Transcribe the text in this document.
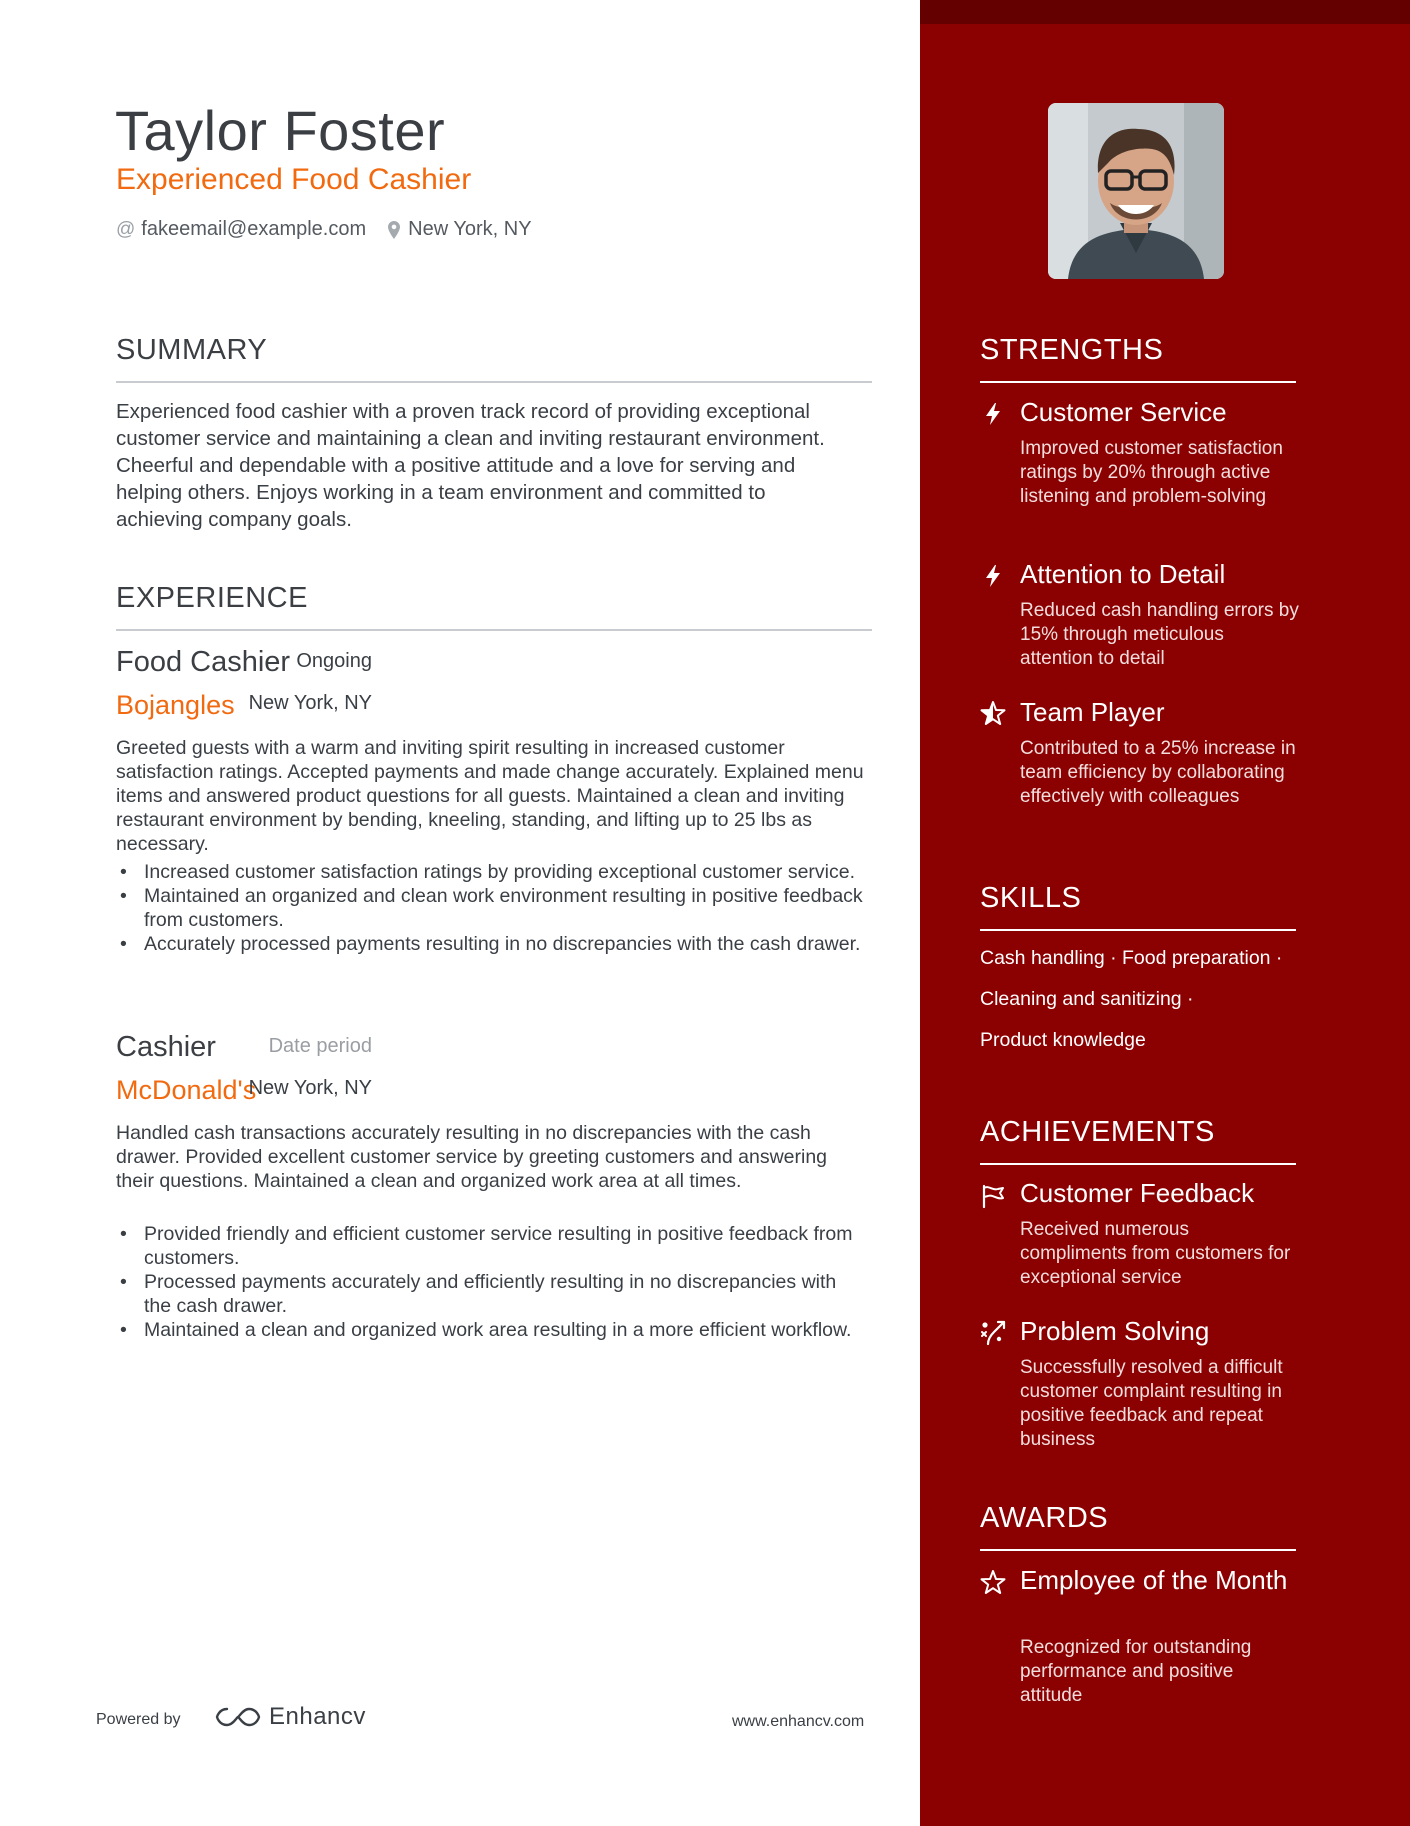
Taylor Foster
Experienced Food Cashier
@ fakeemail@example.com New York, NY
SUMMARY
Experienced food cashier with a proven track record of providing exceptional customer service and maintaining a clean and inviting restaurant environment. Cheerful and dependable with a positive attitude and a love for serving and helping others. Enjoys working in a team environment and committed to achieving company goals.
EXPERIENCE
Food Cashier Ongoing
Bojangles New York, NY
Greeted guests with a warm and inviting spirit resulting in increased customer satisfaction ratings. Accepted payments and made change accurately. Explained menu items and answered product questions for all guests. Maintained a clean and inviting restaurant environment by bending, kneeling, standing, and lifting up to 25 lbs as necessary.
• Increased customer satisfaction ratings by providing exceptional customer service.
• Maintained an organized and clean work environment resulting in positive feedback from customers.
• Accurately processed payments resulting in no discrepancies with the cash drawer.
Cashier	Date period
McDonald's
New York, NY
Handled cash transactions accurately resulting in no discrepancies with the cash drawer. Provided excellent customer service by greeting customers and answering their questions. Maintained a clean and organized work area at all times.
• Provided friendly and efficient customer service resulting in positive feedback from customers.
• Processed payments accurately and efficiently resulting in no discrepancies with the cash drawer.
• Maintained a clean and organized work area resulting in a more efficient workflow.
Powered by	Enhancv	www.enhancv.com
STRENGTHS
Customer Service
Improved customer satisfaction ratings by 20% through active listening and problem-solving
Attention to Detail
Reduced cash handling errors by 15% through meticulous attention to detail
Team Player
Contributed to a 25% increase in team efficiency by collaborating effectively with colleagues
SKILLS
Cash handling · Food preparation ·
Cleaning and sanitizing ·
Product knowledge
ACHIEVEMENTS
Customer Feedback
Received numerous compliments from customers for exceptional service
Problem Solving
Successfully resolved a difficult customer complaint resulting in positive feedback and repeat business
AWARDS
Employee of the Month
Recognized for outstanding performance and positive attitude
